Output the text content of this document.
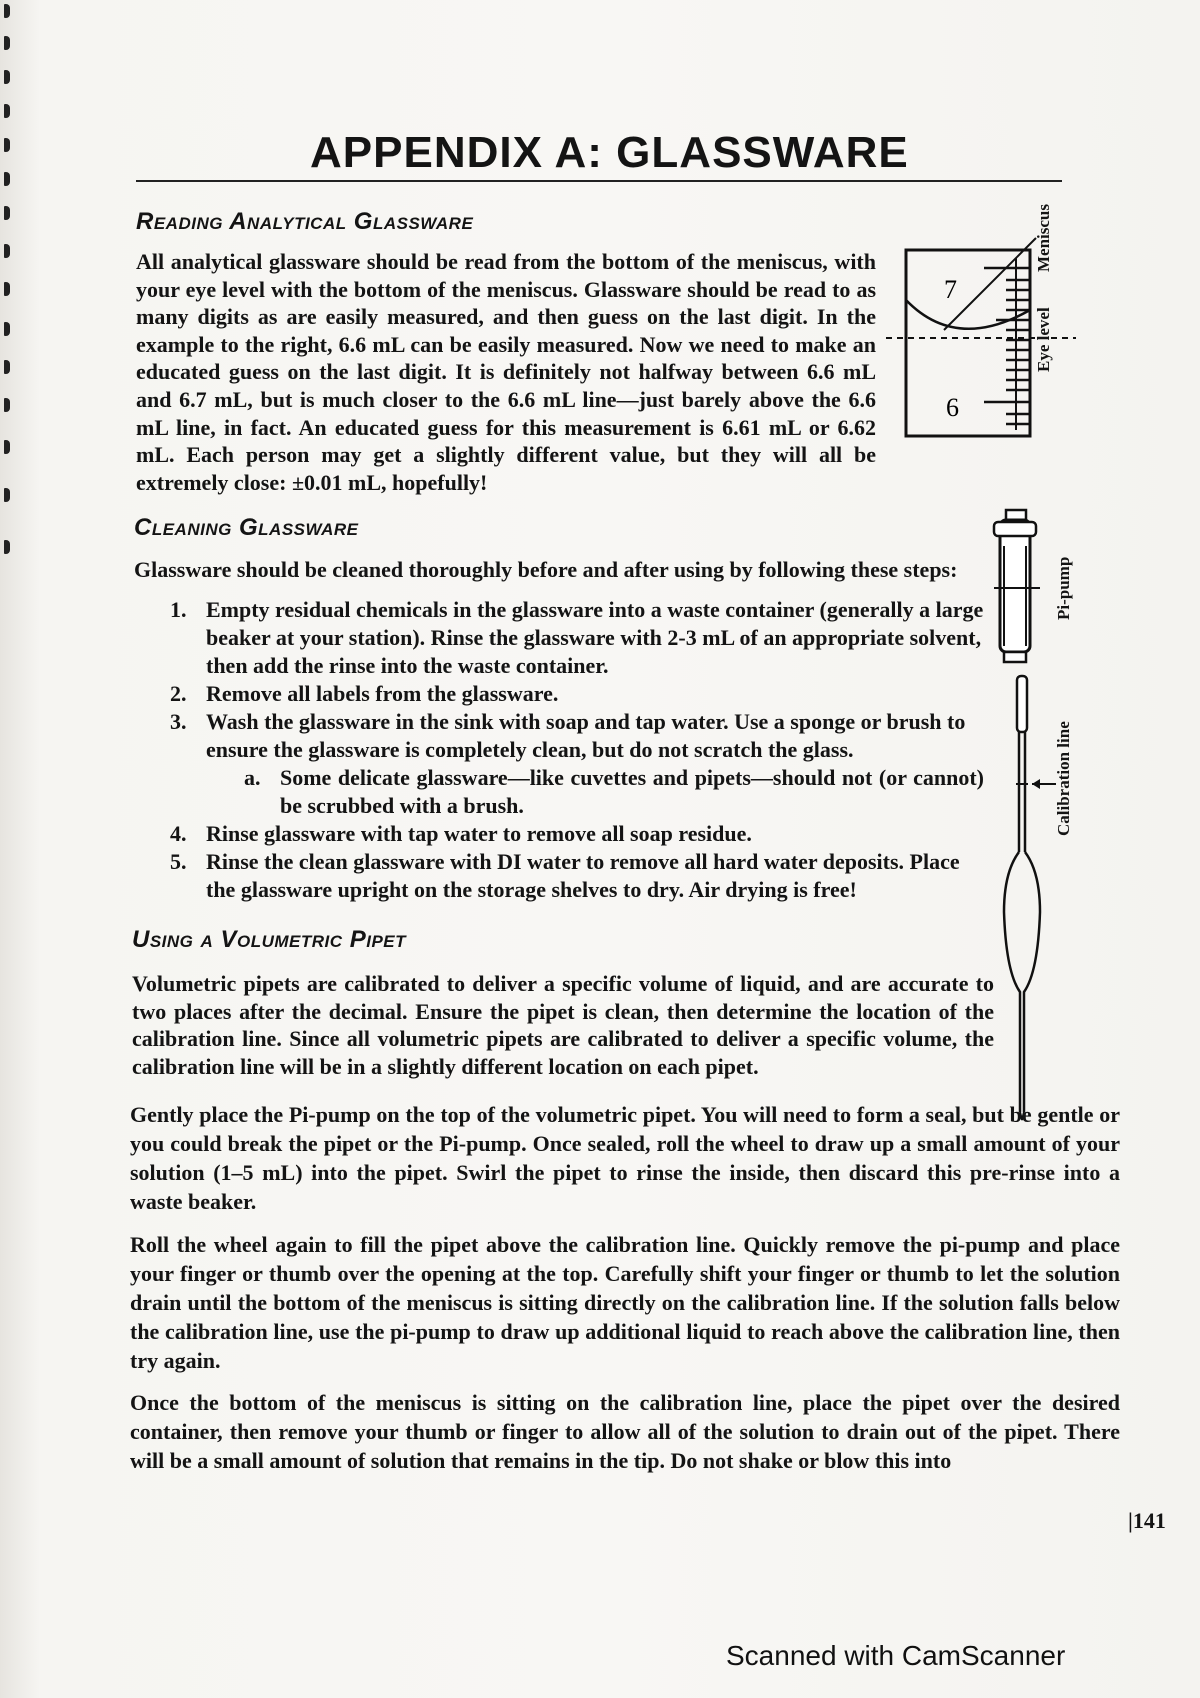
APPENDIX A: GLASSWARE
Reading Analytical Glassware

All analytical glassware should be read from the bottom of the meniscus, with your eye level with the bottom of the meniscus. Glassware should be read to as many digits as are easily measured, and then guess on the last digit. In the example to the right, 6.6 mL can be easily measured. Now we need to make an educated guess on the last digit. It is definitely not halfway between 6.6 mL and 6.7 mL, but is much closer to the 6.6 mL line—just barely above the 6.6 mL line, in fact. An educated guess for this measurement is 6.61 mL or 6.62 mL. Each person may get a slightly different value, but they will all be extremely close: ±0.01 mL, hopefully!

7
6
Meniscus
Eye level
Cleaning Glassware

Glassware should be cleaned thoroughly before and after using by following these steps:

1. Empty residual chemicals in the glassware into a waste container (generally a large beaker at your station). Rinse the glassware with 2-3 mL of an appropriate solvent, then add the rinse into the waste container.
2. Remove all labels from the glassware.
3. Wash the glassware in the sink with soap and tap water. Use a sponge or brush to ensure the glassware is completely clean, but do not scratch the glass.
a. Some delicate glassware—like cuvettes and pipets—should not (or cannot) be scrubbed with a brush.
4. Rinse glassware with tap water to remove all soap residue.
5. Rinse the clean glassware with DI water to remove all hard water deposits. Place the glassware upright on the storage shelves to dry. Air drying is free!
Pi-pump
Calibration line
Using a Volumetric Pipet

Volumetric pipets are calibrated to deliver a specific volume of liquid, and are accurate to two places after the decimal. Ensure the pipet is clean, then determine the location of the calibration line. Since all volumetric pipets are calibrated to deliver a specific volume, the calibration line will be in a slightly different location on each pipet.

Gently place the Pi-pump on the top of the volumetric pipet. You will need to form a seal, but be gentle or you could break the pipet or the Pi-pump. Once sealed, roll the wheel to draw up a small amount of your solution (1–5 mL) into the pipet. Swirl the pipet to rinse the inside, then discard this pre-rinse into a waste beaker.

Roll the wheel again to fill the pipet above the calibration line. Quickly remove the pi-pump and place your finger or thumb over the opening at the top. Carefully shift your finger or thumb to let the solution drain until the bottom of the meniscus is sitting directly on the calibration line. If the solution falls below the calibration line, use the pi-pump to draw up additional liquid to reach above the calibration line, then try again.

Once the bottom of the meniscus is sitting on the calibration line, place the pipet over the desired container, then remove your thumb or finger to allow all of the solution to drain out of the pipet. There will be a small amount of solution that remains in the tip. Do not shake or blow this into

|141
Scanned with CamScanner
